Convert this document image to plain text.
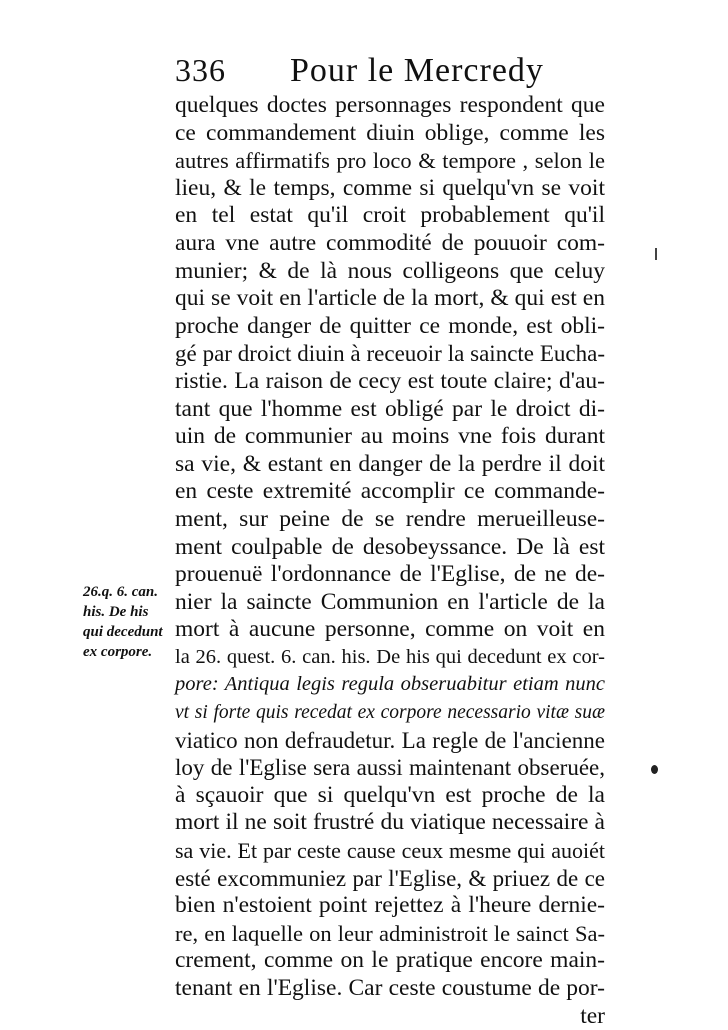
336 Pour le Mercredy
quelques doctes personnages respondent que
ce commandement diuin oblige, comme les
autres affirmatifs pro loco & tempore , selon le
lieu, & le temps, comme si quelqu'vn se voit
en tel estat qu'il croit probablement qu'il
aura vne autre commodité de pouuoir com-
munier; & de là nous colligeons que celuy
qui se voit en l'article de la mort, & qui est en
proche danger de quitter ce monde, est obli-
gé par droict diuin à receuoir la saincte Eucha-
ristie. La raison de cecy est toute claire; d'au-
tant que l'homme est obligé par le droict di-
uin de communier au moins vne fois durant
sa vie, & estant en danger de la perdre il doit
en ceste extremité accomplir ce commande-
ment, sur peine de se rendre merueilleuse-
ment coulpable de desobeyssance. De là est
prouenuë l'ordonnance de l'Eglise, de ne de-
nier la saincte Communion en l'article de la
mort à aucune personne, comme on voit en
la 26. quest. 6. can. his. De his qui decedunt ex cor-
pore: Antiqua legis regula obseruabitur etiam nunc
vt si forte quis recedat ex corpore necessario vitæ suæ
viatico non defraudetur. La regle de l'ancienne
loy de l'Eglise sera aussi maintenant obseruée,
à sçauoir que si quelqu'vn est proche de la
mort il ne soit frustré du viatique necessaire à
sa vie. Et par ceste cause ceux mesme qui auoiét
esté excommuniez par l'Eglise, & priuez de ce
bien n'estoient point rejettez à l'heure dernie-
re, en laquelle on leur administroit le sainct Sa-
crement, comme on le pratique encore main-
tenant en l'Eglise. Car ceste coustume de por-
ter
26.q. 6. can.
his. De his
qui decedunt
ex corpore.
